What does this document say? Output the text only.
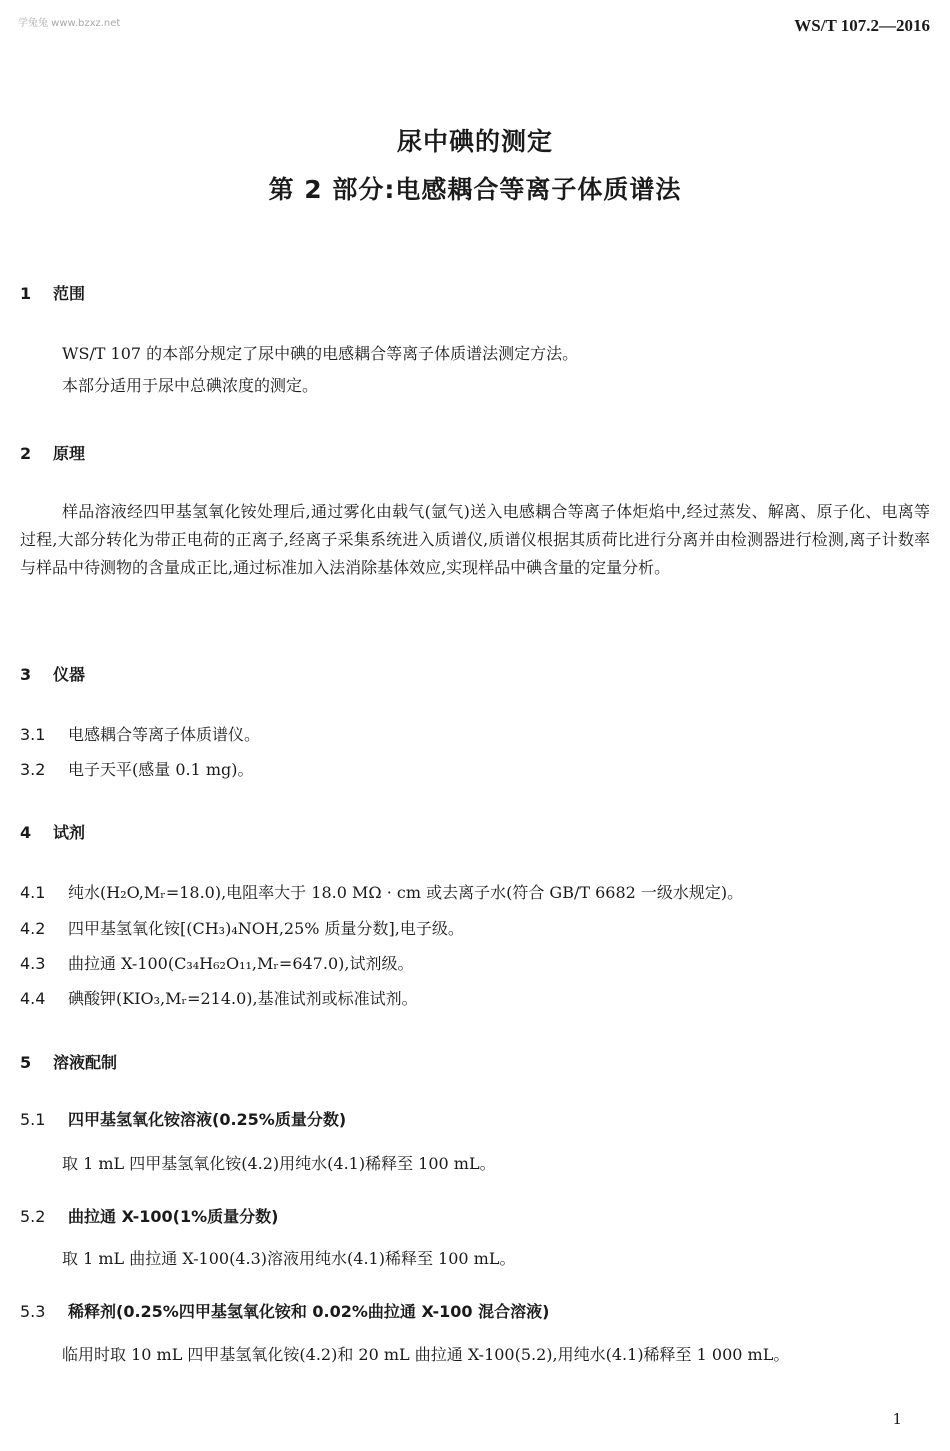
学兔兔 www.bzxz.net	WS/T 107.2—2016
尿中碘的测定
第 2 部分:电感耦合等离子体质谱法
1 范围
WS/T 107 的本部分规定了尿中碘的电感耦合等离子体质谱法测定方法。
本部分适用于尿中总碘浓度的测定。
2 原理
样品溶液经四甲基氢氧化铵处理后,通过雾化由载气(氩气)送入电感耦合等离子体炬焰中,经过蒸发、解离、原子化、电离等过程,大部分转化为带正电荷的正离子,经离子采集系统进入质谱仪,质谱仪根据其质荷比进行分离并由检测器进行检测,离子计数率与样品中待测物的含量成正比,通过标准加入法消除基体效应,实现样品中碘含量的定量分析。
3 仪器
3.1 电感耦合等离子体质谱仪。
3.2 电子天平(感量 0.1 mg)。
4 试剂
4.1 纯水(H₂O,Mᵣ=18.0),电阻率大于 18.0 MΩ · cm 或去离子水(符合 GB/T 6682 一级水规定)。
4.2 四甲基氢氧化铵[(CH₃)₄NOH,25% 质量分数],电子级。
4.3 曲拉通 X-100(C₃₄H₆₂O₁₁,Mᵣ=647.0),试剂级。
4.4 碘酸钾(KIO₃,Mᵣ=214.0),基准试剂或标准试剂。
5 溶液配制
5.1 四甲基氢氧化铵溶液(0.25%质量分数)
取 1 mL 四甲基氢氧化铵(4.2)用纯水(4.1)稀释至 100 mL。
5.2 曲拉通 X-100(1%质量分数)
取 1 mL 曲拉通 X-100(4.3)溶液用纯水(4.1)稀释至 100 mL。
5.3 稀释剂(0.25%四甲基氢氧化铵和 0.02%曲拉通 X-100 混合溶液)
临用时取 10 mL 四甲基氢氧化铵(4.2)和 20 mL 曲拉通 X-100(5.2),用纯水(4.1)稀释至 1 000 mL。
1
